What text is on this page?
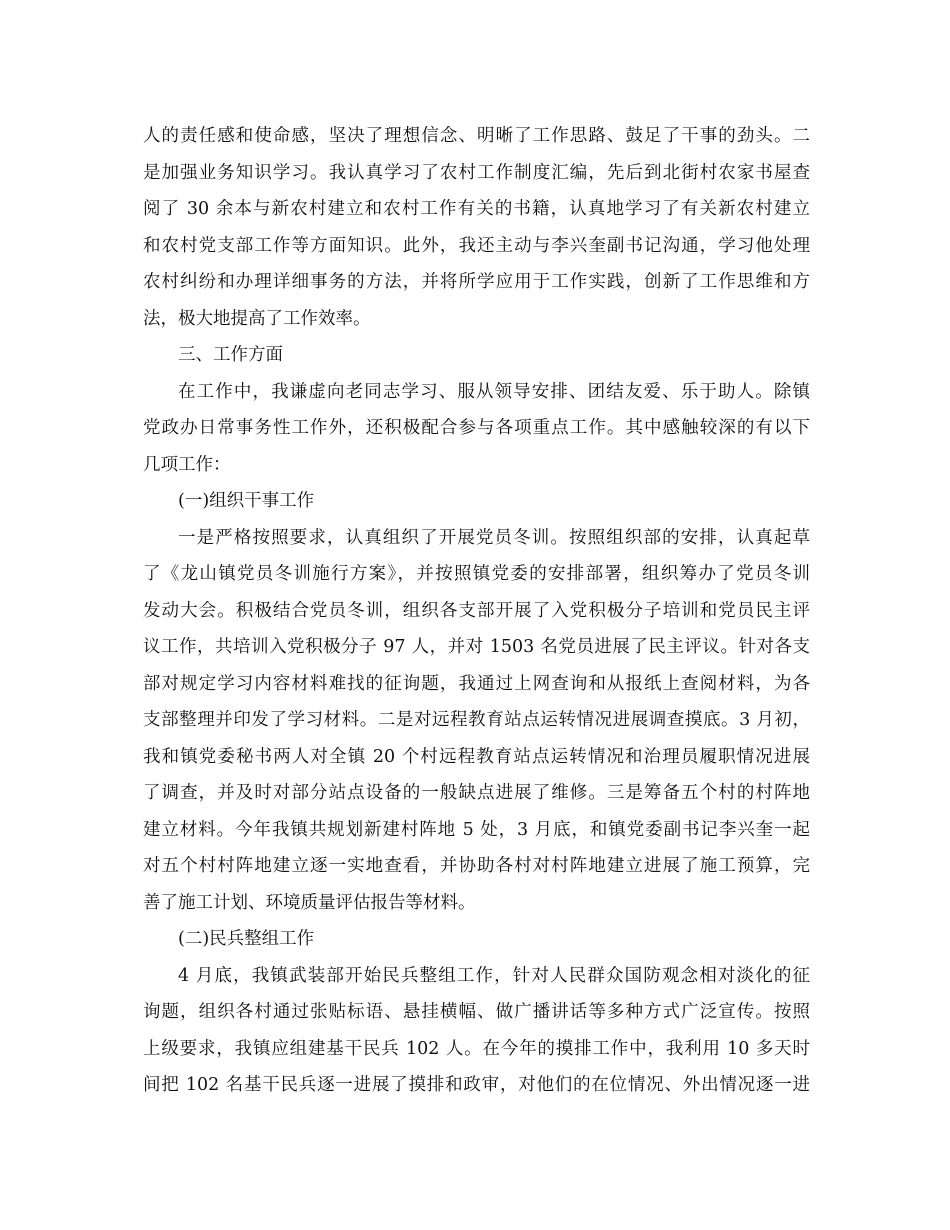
人的责任感和使命感，坚决了理想信念、明晰了工作思路、鼓足了干事的劲头。二
是加强业务知识学习。我认真学习了农村工作制度汇编，先后到北街村农家书屋查
阅了 30 余本与新农村建立和农村工作有关的书籍，认真地学习了有关新农村建立
和农村党支部工作等方面知识。此外，我还主动与李兴奎副书记沟通，学习他处理
农村纠纷和办理详细事务的方法，并将所学应用于工作实践，创新了工作思维和方
法，极大地提高了工作效率。
三、工作方面
在工作中，我谦虚向老同志学习、服从领导安排、团结友爱、乐于助人。除镇
党政办日常事务性工作外，还积极配合参与各项重点工作。其中感触较深的有以下
几项工作：
(一)组织干事工作
一是严格按照要求，认真组织了开展党员冬训。按照组织部的安排，认真起草
了《龙山镇党员冬训施行方案》，并按照镇党委的安排部署，组织筹办了党员冬训
发动大会。积极结合党员冬训，组织各支部开展了入党积极分子培训和党员民主评
议工作，共培训入党积极分子 97 人，并对 1503 名党员进展了民主评议。针对各支
部对规定学习内容材料难找的征询题，我通过上网查询和从报纸上查阅材料，为各
支部整理并印发了学习材料。二是对远程教育站点运转情况进展调查摸底。3 月初，
我和镇党委秘书两人对全镇 20 个村远程教育站点运转情况和治理员履职情况进展
了调查，并及时对部分站点设备的一般缺点进展了维修。三是筹备五个村的村阵地
建立材料。今年我镇共规划新建村阵地 5 处，3 月底，和镇党委副书记李兴奎一起
对五个村村阵地建立逐一实地查看，并协助各村对村阵地建立进展了施工预算，完
善了施工计划、环境质量评估报告等材料。
(二)民兵整组工作
4 月底，我镇武装部开始民兵整组工作，针对人民群众国防观念相对淡化的征
询题，组织各村通过张贴标语、悬挂横幅、做广播讲话等多种方式广泛宣传。按照
上级要求，我镇应组建基干民兵 102 人。在今年的摸排工作中，我利用 10 多天时
间把 102 名基干民兵逐一进展了摸排和政审，对他们的在位情况、外出情况逐一进
